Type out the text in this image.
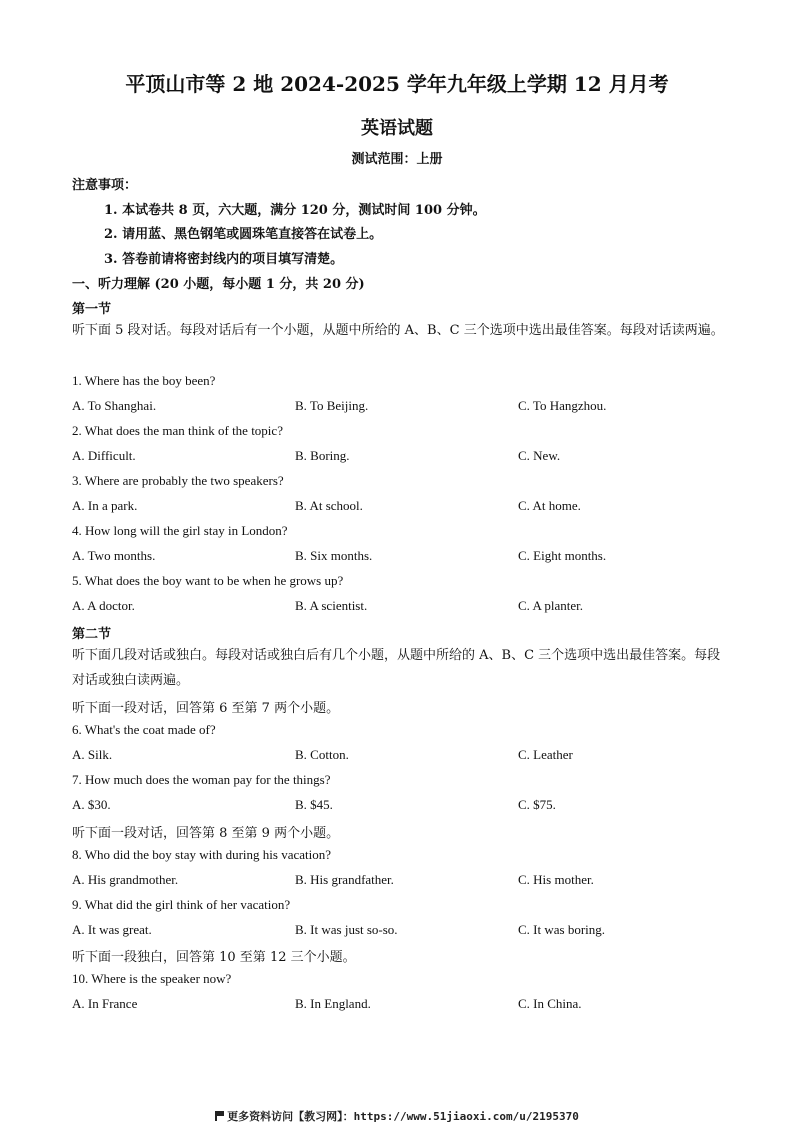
平顶山市等 2 地 2024-2025 学年九年级上学期 12 月月考
英语试题
测试范围：上册
注意事项：
1. 本试卷共 8 页，六大题，满分 120 分，测试时间 100 分钟。
2. 请用蓝、黑色钢笔或圆珠笔直接答在试卷上。
3. 答卷前请将密封线内的项目填写清楚。
一、听力理解 (20 小题，每小题 1 分，共 20 分)
第一节
听下面 5 段对话。每段对话后有一个小题，从题中所给的 A、B、C 三个选项中选出最佳答案。每段对话读两遍。
1. Where has the boy been?
A. To Shanghai.	B. To Beijing.	C. To Hangzhou.
2. What does the man think of the topic?
A. Difficult.	B. Boring.	C. New.
3. Where are probably the two speakers?
A. In a park.	B. At school.	C. At home.
4. How long will the girl stay in London?
A. Two months.	B. Six months.	C. Eight months.
5. What does the boy want to be when he grows up?
A. A doctor.	B. A scientist.	C. A planter.
第二节
听下面几段对话或独白。每段对话或独白后有几个小题，从题中所给的 A、B、C 三个选项中选出最佳答案。每段对话或独白读两遍。
听下面一段对话，回答第 6 至第 7 两个小题。
6. What's the coat made of?
A. Silk.	B. Cotton.	C. Leather
7. How much does the woman pay for the things?
A. $30.	B. $45.	C. $75.
听下面一段对话，回答第 8 至第 9 两个小题。
8. Who did the boy stay with during his vacation?
A. His grandmother.	B. His grandfather.	C. His mother.
9. What did the girl think of her vacation?
A. It was great.	B. It was just so-so.	C. It was boring.
听下面一段独白，回答第 10 至第 12 三个小题。
10. Where is the speaker now?
A. In France	B. In England.	C. In China.
更多资料访问【教习网】：https://www.51jiaoxi.com/u/2195370
